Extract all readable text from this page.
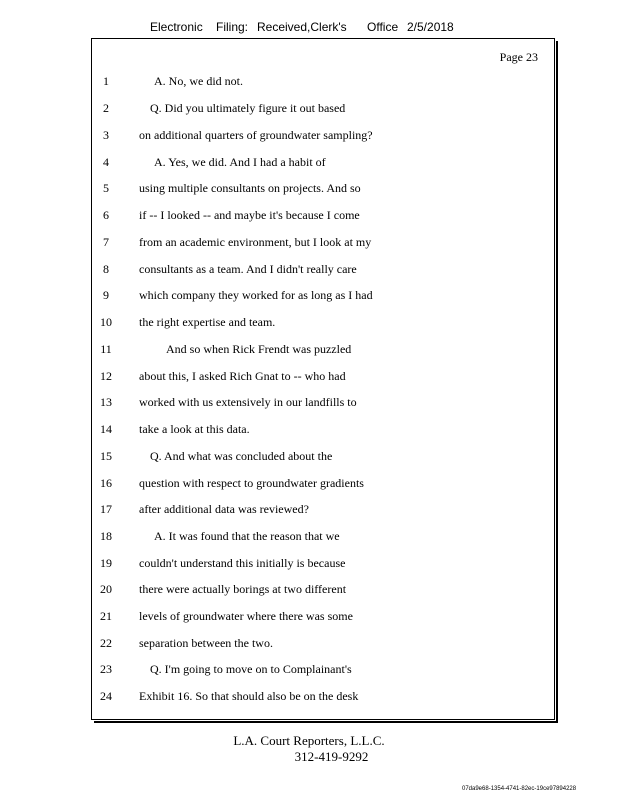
Electronic Filing: Received,Clerk's Office 2/5/2018
Page 23
1	A. No, we did not.
2	Q. Did you ultimately figure it out based
3	on additional quarters of groundwater sampling?
4	A. Yes, we did. And I had a habit of
5	using multiple consultants on projects. And so
6	if -- I looked -- and maybe it's because I come
7	from an academic environment, but I look at my
8	consultants as a team. And I didn't really care
9	which company they worked for as long as I had
10 the right expertise and team.
11	And so when Rick Frendt was puzzled
12 about this, I asked Rich Gnat to -- who had
13 worked with us extensively in our landfills to
14 take a look at this data.
15	Q. And what was concluded about the
16 question with respect to groundwater gradients
17 after additional data was reviewed?
18	A. It was found that the reason that we
19 couldn't understand this initially is because
20 there were actually borings at two different
21 levels of groundwater where there was some
22 separation between the two.
23	Q. I'm going to move on to Complainant's
24 Exhibit 16. So that should also be on the desk
L.A. Court Reporters, L.L.C.
312-419-9292
07da9e68-1354-4741-82ec-19ce97894228
